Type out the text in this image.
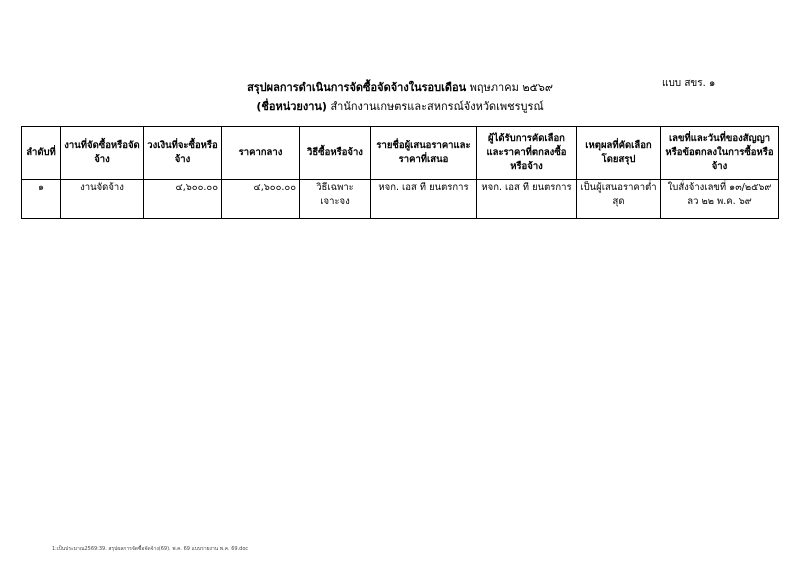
แบบ สขร. ๑
สรุปผลการดำเนินการจัดซื้อจัดจ้างในรอบเดือน พฤษภาคม ๒๕๖๙
(ชื่อหน่วยงาน) สำนักงานเกษตรและสหกรณ์จังหวัดเพชรบูรณ์
ลำดับที่	งานที่จัดซื้อหรือจัดจ้าง	วงเงินที่จะซื้อหรือจ้าง	ราคากลาง	วิธีซื้อหรือจ้าง	รายชื่อผู้เสนอราคาและราคาที่เสนอ	ผู้ได้รับการคัดเลือกและราคาที่ตกลงซื้อหรือจ้าง	เหตุผลที่คัดเลือกโดยสรุป	เลขที่และวันที่ของสัญญาหรือข้อตกลงในการซื้อหรือจ้าง
๑	งานจัดจ้าง	๔,๖๐๐.๐๐	๔,๖๐๐.๐๐	วิธีเฉพาะเจาะจง	หจก. เอส ที ยนตรการ	หจก. เอส ที ยนตรการ	เป็นผู้เสนอราคาต่ำสุด	ใบสั่งจ้างเลขที่ ๑๓/๒๕๖๙ ลว ๒๒ พ.ค. ๖๙
1:เป็นประมาณ2569:39. สรุปผลการจัดซื้อจัดจ้าง(69). พ.ค. 69 แบบรายงาน พ.ค. 69.doc
